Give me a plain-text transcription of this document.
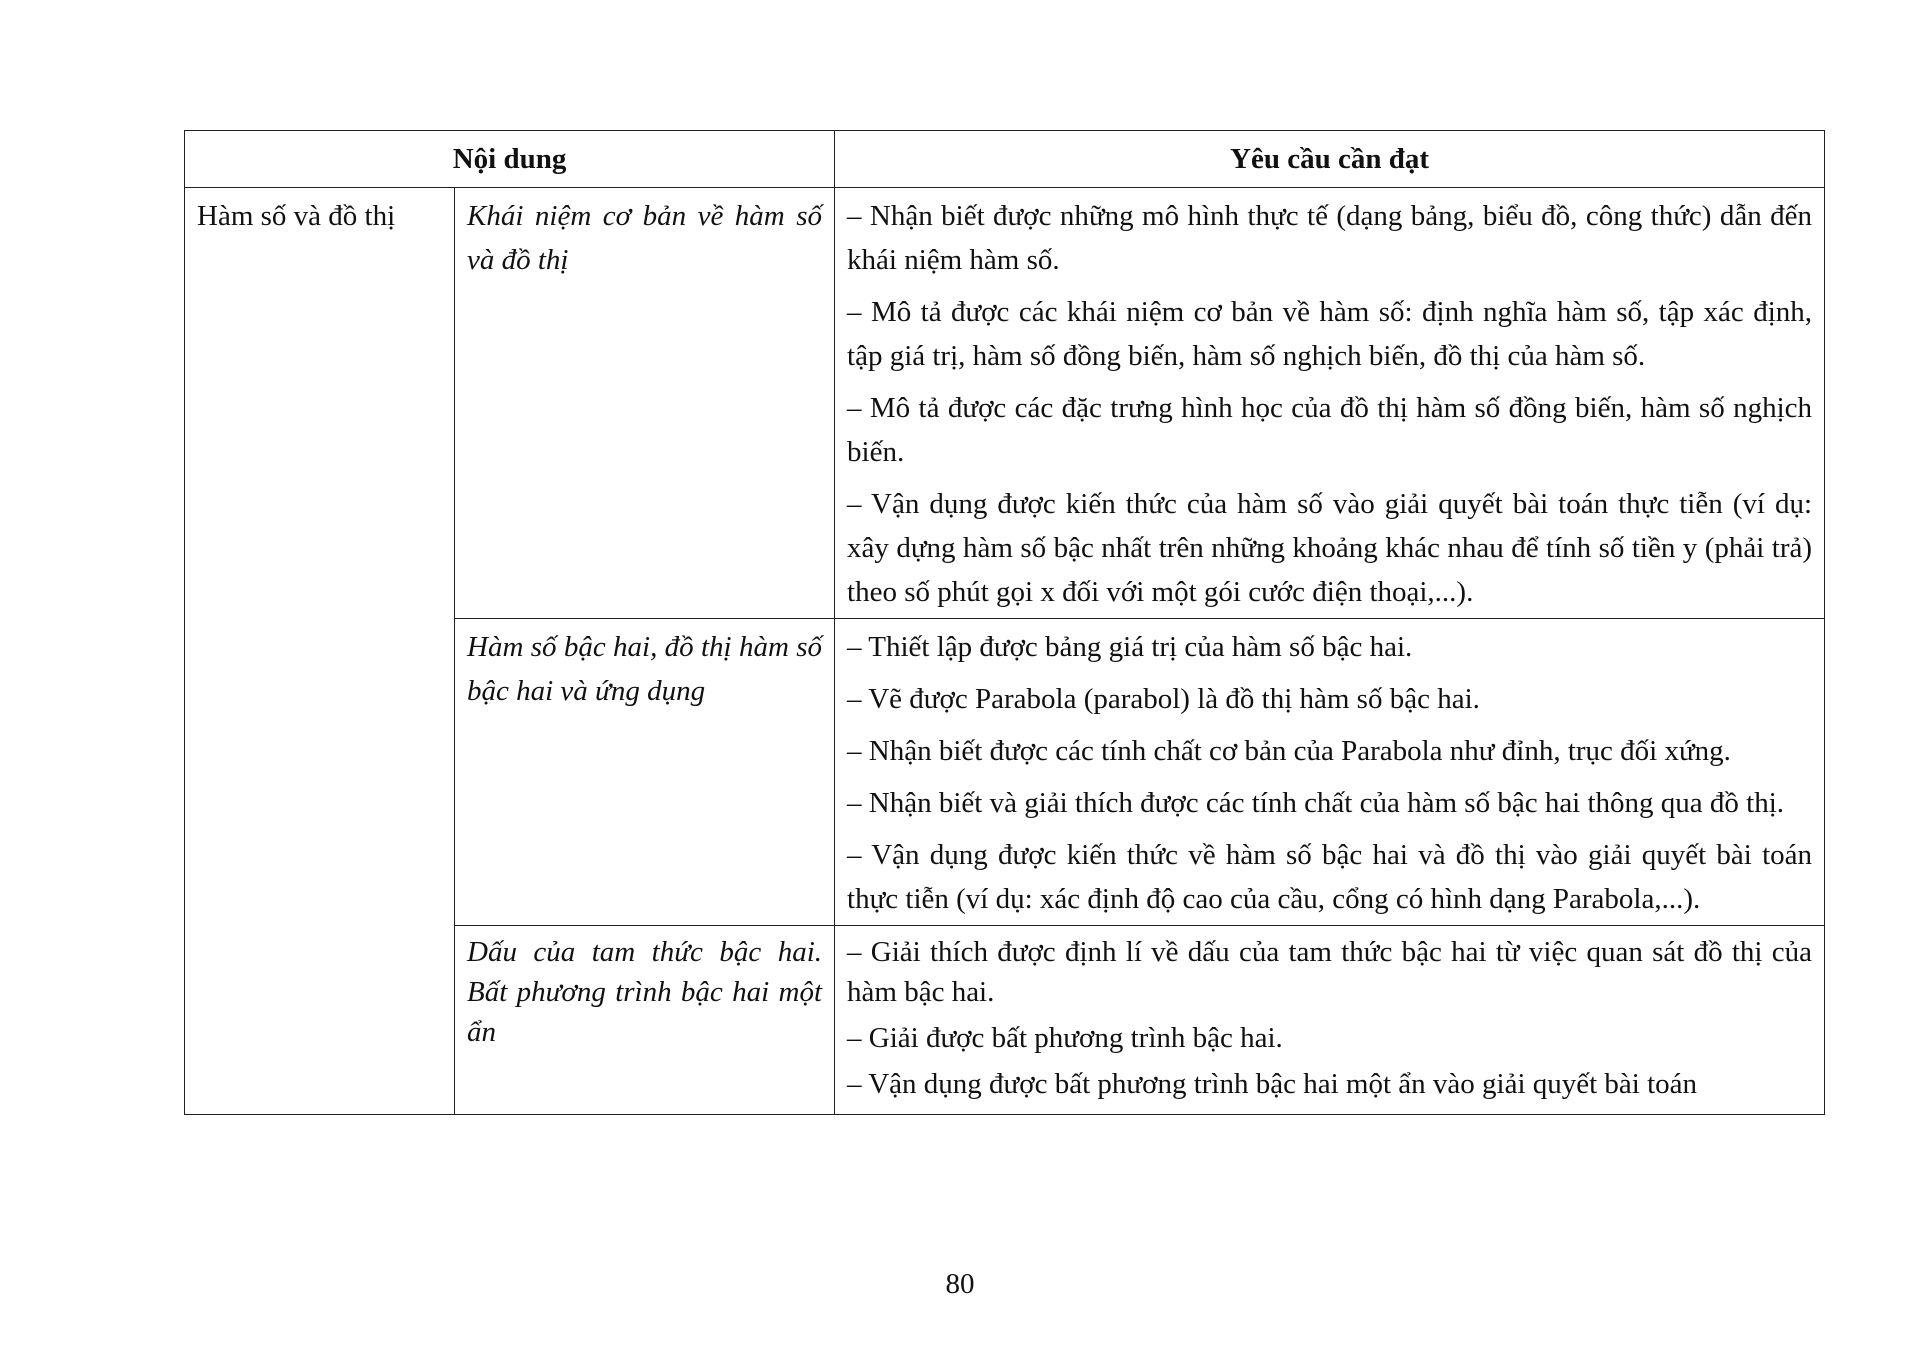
Nội dung		Yêu cầu cần đạt
Hàm số và đồ thị	Khái niệm cơ bản về hàm số và đồ thị	– Nhận biết được những mô hình thực tế (dạng bảng, biểu đồ, công thức) dẫn đến khái niệm hàm số.

– Mô tả được các khái niệm cơ bản về hàm số: định nghĩa hàm số, tập xác định, tập giá trị, hàm số đồng biến, hàm số nghịch biến, đồ thị của hàm số.

– Mô tả được các đặc trưng hình học của đồ thị hàm số đồng biến, hàm số nghịch biến.

– Vận dụng được kiến thức của hàm số vào giải quyết bài toán thực tiễn (ví dụ: xây dựng hàm số bậc nhất trên những khoảng khác nhau để tính số tiền y (phải trả) theo số phút gọi x đối với một gói cước điện thoại,...).

	Hàm số bậc hai, đồ thị hàm số bậc hai và ứng dụng	– Thiết lập được bảng giá trị của hàm số bậc hai.

– Vẽ được Parabola (parabol) là đồ thị hàm số bậc hai.

– Nhận biết được các tính chất cơ bản của Parabola như đỉnh, trục đối xứng.

– Nhận biết và giải thích được các tính chất của hàm số bậc hai thông qua đồ thị.

– Vận dụng được kiến thức về hàm số bậc hai và đồ thị vào giải quyết bài toán thực tiễn (ví dụ: xác định độ cao của cầu, cổng có hình dạng Parabola,...).

	Dấu của tam thức bậc hai. Bất phương trình bậc hai một ẩn	– Giải thích được định lí về dấu của tam thức bậc hai từ việc quan sát đồ thị của hàm bậc hai.

– Giải được bất phương trình bậc hai.

– Vận dụng được bất phương trình bậc hai một ẩn vào giải quyết bài toán

80
